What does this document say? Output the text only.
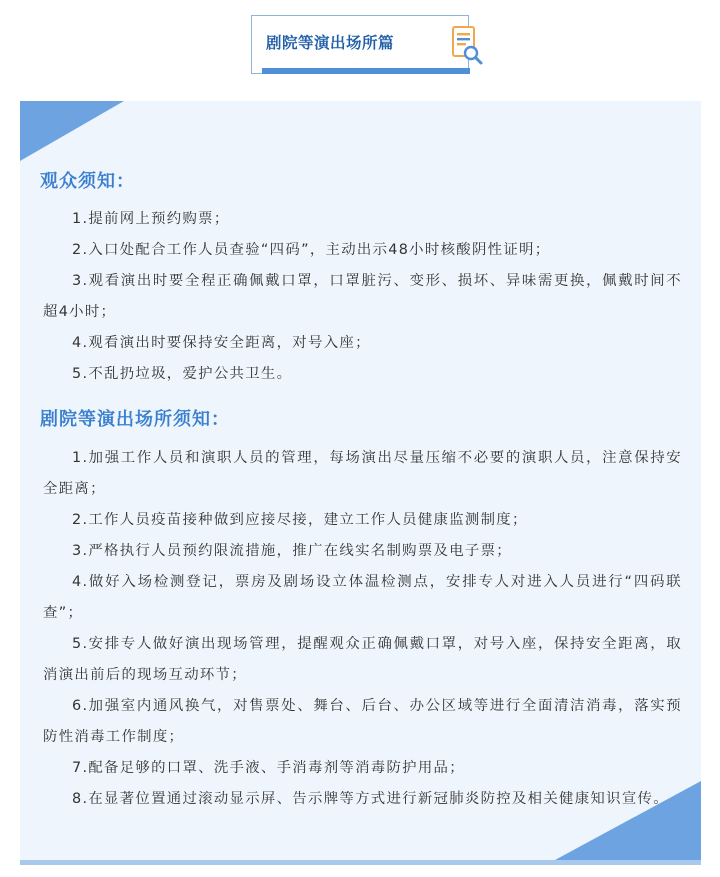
剧院等演出场所篇
观众须知：
1.提前网上预约购票；
2.入口处配合工作人员查验“四码”，主动出示48小时核酸阴性证明；
3.观看演出时要全程正确佩戴口罩，口罩脏污、变形、损坏、异味需更换，佩戴时间不超4小时；
4.观看演出时要保持安全距离，对号入座；
5.不乱扔垃圾，爱护公共卫生。
剧院等演出场所须知：
1.加强工作人员和演职人员的管理，每场演出尽量压缩不必要的演职人员，注意保持安全距离；
2.工作人员疫苗接种做到应接尽接，建立工作人员健康监测制度；
3.严格执行人员预约限流措施，推广在线实名制购票及电子票；
4.做好入场检测登记，票房及剧场设立体温检测点，安排专人对进入人员进行“四码联查”；
5.安排专人做好演出现场管理，提醒观众正确佩戴口罩，对号入座，保持安全距离，取消演出前后的现场互动环节；
6.加强室内通风换气，对售票处、舞台、后台、办公区域等进行全面清洁消毒，落实预防性消毒工作制度；
7.配备足够的口罩、洗手液、手消毒剂等消毒防护用品；
8.在显著位置通过滚动显示屏、告示牌等方式进行新冠肺炎防控及相关健康知识宣传。
